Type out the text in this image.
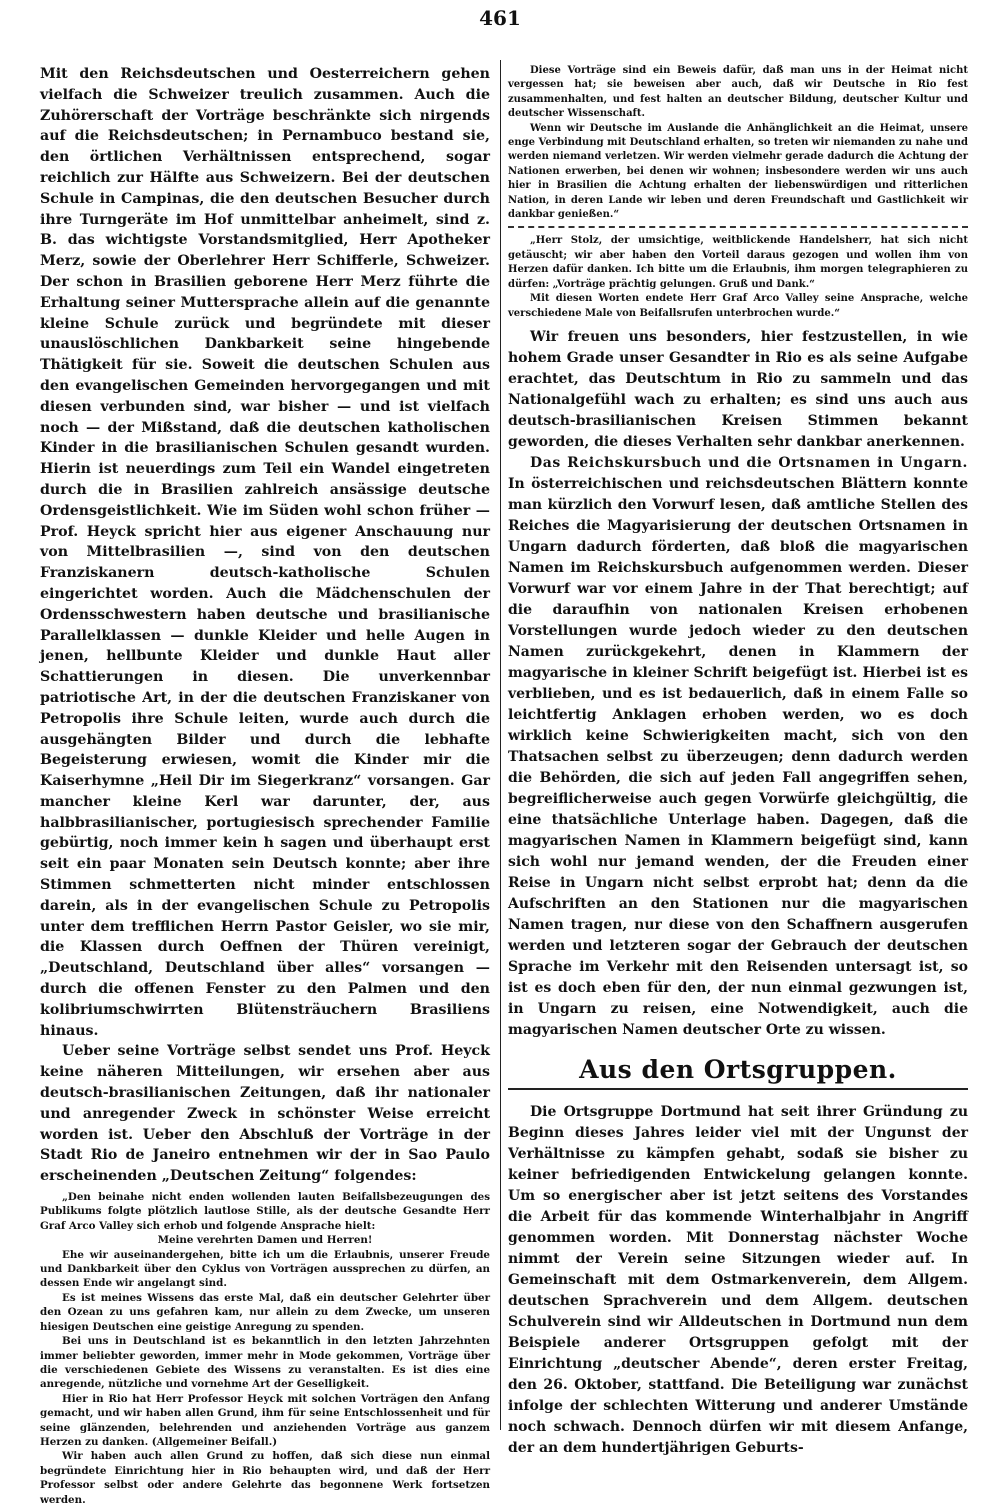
461

Mit den Reichsdeutschen und Oesterreichern gehen vielfach die Schweizer treulich zusammen. Auch die Zuhörerschaft der Vorträge beschränkte sich nirgends auf die Reichsdeutschen; in Pernambuco bestand sie, den örtlichen Verhältnissen entsprechend, sogar reichlich zur Hälfte aus Schweizern. Bei der deutschen Schule in Campinas, die den deutschen Besucher durch ihre Turngeräte im Hof unmittelbar anheimelt, sind z. B. das wichtigste Vorstandsmitglied, Herr Apotheker Merz, sowie der Oberlehrer Herr Schifferle, Schweizer. Der schon in Brasilien geborene Herr Merz führte die Erhaltung seiner Muttersprache allein auf die genannte kleine Schule zurück und begründete mit dieser unauslöschlichen Dankbarkeit seine hingebende Thätigkeit für sie. Soweit die deutschen Schulen aus den evangelischen Gemeinden hervorgegangen und mit diesen verbunden sind, war bisher — und ist vielfach noch — der Mißstand, daß die deutschen katholischen Kinder in die brasilianischen Schulen gesandt wurden. Hierin ist neuerdings zum Teil ein Wandel eingetreten durch die in Brasilien zahlreich ansässige deutsche Ordensgeistlichkeit. Wie im Süden wohl schon früher — Prof. Heyck spricht hier aus eigener Anschauung nur von Mittelbrasilien —, sind von den deutschen Franziskanern deutsch-katholische Schulen eingerichtet worden. Auch die Mädchenschulen der Ordensschwestern haben deutsche und brasilianische Parallelklassen — dunkle Kleider und helle Augen in jenen, hellbunte Kleider und dunkle Haut aller Schattierungen in diesen. Die unverkennbar patriotische Art, in der die deutschen Franziskaner von Petropolis ihre Schule leiten, wurde auch durch die ausgehängten Bilder und durch die lebhafte Begeisterung erwiesen, womit die Kinder mir die Kaiserhymne „Heil Dir im Siegerkranz“ vorsangen. Gar mancher kleine Kerl war darunter, der, aus halbbrasilianischer, portugiesisch sprechender Familie gebürtig, noch immer kein h sagen und überhaupt erst seit ein paar Monaten sein Deutsch konnte; aber ihre Stimmen schmetterten nicht minder entschlossen darein, als in der evangelischen Schule zu Petropolis unter dem trefflichen Herrn Pastor Geisler, wo sie mir, die Klassen durch Oeffnen der Thüren vereinigt, „Deutschland, Deutschland über alles“ vorsangen — durch die offenen Fenster zu den Palmen und den kolibriumschwirrten Blütensträuchern Brasiliens hinaus.

Ueber seine Vorträge selbst sendet uns Prof. Heyck keine näheren Mitteilungen, wir ersehen aber aus deutsch-brasilianischen Zeitungen, daß ihr nationaler und anregender Zweck in schönster Weise erreicht worden ist. Ueber den Abschluß der Vorträge in der Stadt Rio de Janeiro entnehmen wir der in Sao Paulo erscheinenden „Deutschen Zeitung“ folgendes:

„Den beinahe nicht enden wollenden lauten Beifallsbezeugungen des Publikums folgte plötzlich lautlose Stille, als der deutsche Gesandte Herr Graf Arco Valley sich erhob und folgende Ansprache hielt:

Meine verehrten Damen und Herren!

Ehe wir auseinandergehen, bitte ich um die Erlaubnis, unserer Freude und Dankbarkeit über den Cyklus von Vorträgen aussprechen zu dürfen, an dessen Ende wir angelangt sind.

Es ist meines Wissens das erste Mal, daß ein deutscher Gelehrter über den Ozean zu uns gefahren kam, nur allein zu dem Zwecke, um unseren hiesigen Deutschen eine geistige Anregung zu spenden.

Bei uns in Deutschland ist es bekanntlich in den letzten Jahrzehnten immer beliebter geworden, immer mehr in Mode gekommen, Vorträge über die verschiedenen Gebiete des Wissens zu veranstalten. Es ist dies eine anregende, nützliche und vornehme Art der Geselligkeit.

Hier in Rio hat Herr Professor Heyck mit solchen Vorträgen den Anfang gemacht, und wir haben allen Grund, ihm für seine Entschlossenheit und für seine glänzenden, belehrenden und anziehenden Vorträge aus ganzem Herzen zu danken. (Allgemeiner Beifall.)

Wir haben auch allen Grund zu hoffen, daß sich diese nun einmal begründete Einrichtung hier in Rio behaupten wird, und daß der Herr Professor selbst oder andere Gelehrte das begonnene Werk fortsetzen werden.

Diese Vorträge sind ein Beweis dafür, daß man uns in der Heimat nicht vergessen hat; sie beweisen aber auch, daß wir Deutsche in Rio fest zusammenhalten, und fest halten an deutscher Bildung, deutscher Kultur und deutscher Wissenschaft.

Wenn wir Deutsche im Auslande die Anhänglichkeit an die Heimat, unsere enge Verbindung mit Deutschland erhalten, so treten wir niemanden zu nahe und werden niemand verletzen. Wir werden vielmehr gerade dadurch die Achtung der Nationen erwerben, bei denen wir wohnen; insbesondere werden wir uns auch hier in Brasilien die Achtung erhalten der liebenswürdigen und ritterlichen Nation, in deren Lande wir leben und deren Freundschaft und Gastlichkeit wir dankbar genießen.“

„Herr Stolz, der umsichtige, weitblickende Handelsherr, hat sich nicht getäuscht; wir aber haben den Vorteil daraus gezogen und wollen ihm von Herzen dafür danken. Ich bitte um die Erlaubnis, ihm morgen telegraphieren zu dürfen: „Vorträge prächtig gelungen. Gruß und Dank.“

Mit diesen Worten endete Herr Graf Arco Valley seine Ansprache, welche verschiedene Male von Beifallsrufen unterbrochen wurde.“

Wir freuen uns besonders, hier festzustellen, in wie hohem Grade unser Gesandter in Rio es als seine Aufgabe erachtet, das Deutschtum in Rio zu sammeln und das Nationalgefühl wach zu erhalten; es sind uns auch aus deutsch-brasilianischen Kreisen Stimmen bekannt geworden, die dieses Verhalten sehr dankbar anerkennen.

Das Reichskursbuch und die Ortsnamen in Ungarn. In österreichischen und reichsdeutschen Blättern konnte man kürzlich den Vorwurf lesen, daß amtliche Stellen des Reiches die Magyarisierung der deutschen Ortsnamen in Ungarn dadurch förderten, daß bloß die magyarischen Namen im Reichskursbuch aufgenommen werden. Dieser Vorwurf war vor einem Jahre in der That berechtigt; auf die daraufhin von nationalen Kreisen erhobenen Vorstellungen wurde jedoch wieder zu den deutschen Namen zurückgekehrt, denen in Klammern der magyarische in kleiner Schrift beigefügt ist. Hierbei ist es verblieben, und es ist bedauerlich, daß in einem Falle so leichtfertig Anklagen erhoben werden, wo es doch wirklich keine Schwierigkeiten macht, sich von den Thatsachen selbst zu überzeugen; denn dadurch werden die Behörden, die sich auf jeden Fall angegriffen sehen, begreiflicherweise auch gegen Vorwürfe gleichgültig, die eine thatsächliche Unterlage haben. Dagegen, daß die magyarischen Namen in Klammern beigefügt sind, kann sich wohl nur jemand wenden, der die Freuden einer Reise in Ungarn nicht selbst erprobt hat; denn da die Aufschriften an den Stationen nur die magyarischen Namen tragen, nur diese von den Schaffnern ausgerufen werden und letzteren sogar der Gebrauch der deutschen Sprache im Verkehr mit den Reisenden untersagt ist, so ist es doch eben für den, der nun einmal gezwungen ist, in Ungarn zu reisen, eine Notwendigkeit, auch die magyarischen Namen deutscher Orte zu wissen.

Aus den Ortsgruppen.

Die Ortsgruppe Dortmund hat seit ihrer Gründung zu Beginn dieses Jahres leider viel mit der Ungunst der Verhältnisse zu kämpfen gehabt, sodaß sie bisher zu keiner befriedigenden Entwickelung gelangen konnte. Um so energischer aber ist jetzt seitens des Vorstandes die Arbeit für das kommende Winterhalbjahr in Angriff genommen worden. Mit Donnerstag nächster Woche nimmt der Verein seine Sitzungen wieder auf. In Gemeinschaft mit dem Ostmarkenverein, dem Allgem. deutschen Sprachverein und dem Allgem. deutschen Schulverein sind wir Alldeutschen in Dortmund nun dem Beispiele anderer Ortsgruppen gefolgt mit der Einrichtung „deutscher Abende“, deren erster Freitag, den 26. Oktober, stattfand. Die Beteiligung war zunächst infolge der schlechten Witterung und anderer Umstände noch schwach. Dennoch dürfen wir mit diesem Anfange, der an dem hundertjährigen Geburts-
